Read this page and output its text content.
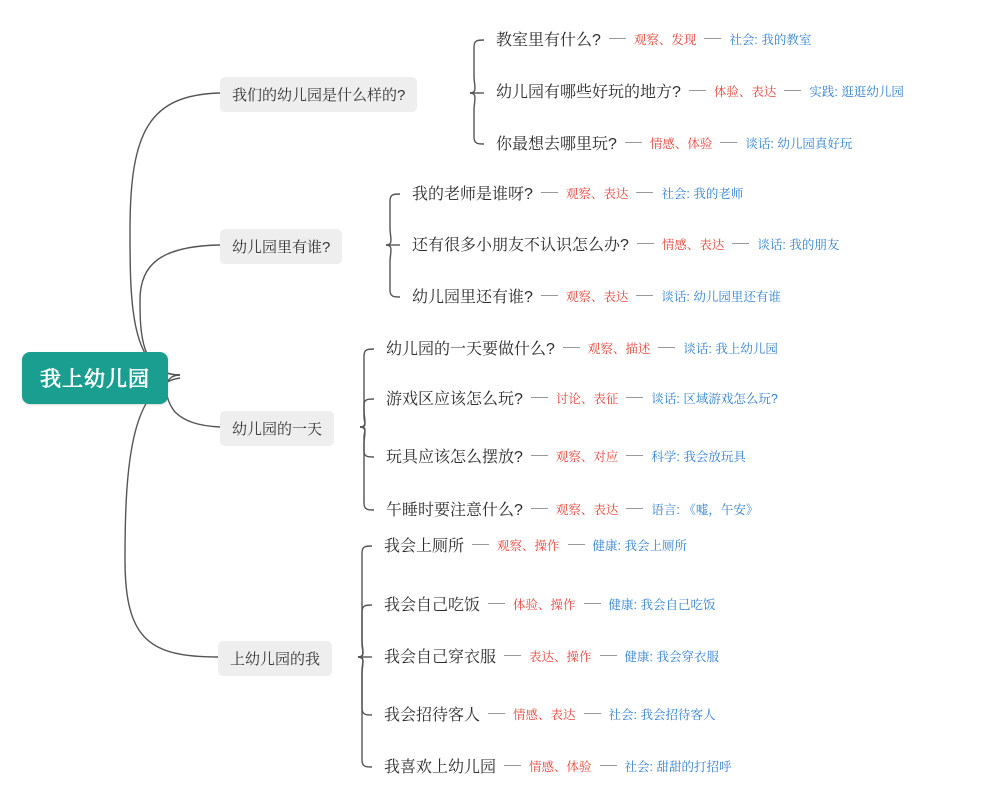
我上幼儿园
我们的幼儿园是什么样的?
幼儿园里有谁?
幼儿园的一天
上幼儿园的我
教室里有什么?	观察、发现	社会: 我的教室
幼儿园有哪些好玩的地方?	体验、表达	实践: 逛逛幼儿园
你最想去哪里玩?	情感、体验	谈话: 幼儿园真好玩
我的老师是谁呀?	观察、表达	社会: 我的老师
还有很多小朋友不认识怎么办?	情感、表达	谈话: 我的朋友
幼儿园里还有谁?	观察、表达	谈话: 幼儿园里还有谁
幼儿园的一天要做什么?	观察、描述	谈话: 我上幼儿园
游戏区应该怎么玩?	讨论、表征	谈话: 区域游戏怎么玩?
玩具应该怎么摆放?	观察、对应	科学: 我会放玩具
午睡时要注意什么?	观察、表达	语言: 《嘘，午安》
我会上厕所	观察、操作	健康: 我会上厕所
我会自己吃饭	体验、操作	健康: 我会自己吃饭
我会自己穿衣服	表达、操作	健康: 我会穿衣服
我会招待客人	情感、表达	社会: 我会招待客人
我喜欢上幼儿园	情感、体验	社会: 甜甜的打招呼
